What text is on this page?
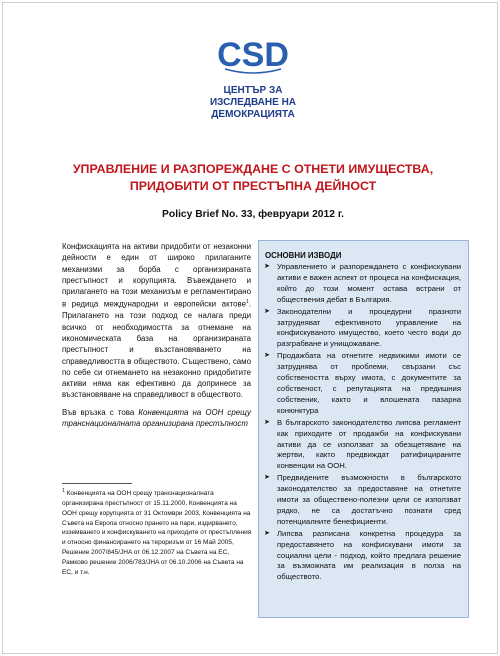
CSD
ЦЕНТЪР ЗА
ИЗСЛЕДВАНЕ НА
ДЕМОКРАЦИЯТА
УПРАВЛЕНИЕ И РАЗПОРЕЖДАНЕ С ОТНЕТИ ИМУЩЕСТВА,
ПРИДОБИТИ ОТ ПРЕСТЪПНА ДЕЙНОСТ
Policy Brief No. 33, февруари 2012 г.

Конфискацията на активи придобити от незаконни дейности е един от широко прилаганите механизми за борба с организираната престъпност и корупцията. Въвеждането и прилагането на този механизъм е регламентирано в редица международни и европейски актове$^1$. Прилагането на този подход се налага преди всичко от необходимостта за отнемане на икономическата база на организираната престъпност и възстановяването на справедливостта в обществото. Съществено, само по себе си отнемането на незаконно придобитите активи няма как ефективно да допринесе за възстановяване на справедливост в обществото.

Във връзка с това Конвенцията на ООН срещу транснационалната организирана престъпност

$^1$ Конвенцията на ООН срещу транснационалната организирана престъпност от 15.11.2000, Конвенцията на ООН срещу корупцията от 31 Октомври 2003, Конвенцията на Съвета на Европа относно прането на пари, издирването, изземването и конфискуването на приходите от престъпления и относно финансирането на тероризъм от 16 Май 2005, Решение 2007/845/JHA от 06.12.2007 на Съвета на ЕС, Рамково решение 2006/783/JHA от 06.10.2006 на Съвета на ЕС, и т.н.
ОСНОВНИ ИЗВОДИ
➤ Управлението и разпореждането с конфискувани активи е важен аспект от процеса на конфискация, който до този момент остава встрани от обществения дебат в България.
➤ Законодателни и процедурни празноти затрудняват ефективното управление на конфискуваното имущество, което често води до разграбване и унищожаване.
➤ Продажбата на отнетите недвижими имоти се затруднява от проблеми, свързани със собствеността върху имота, с документите за собственост, с репутацията на предишния собственик, както и влошената пазарна конюнктура
➤ В българското законодателство липсва регламент как приходите от продажби на конфискувани активи да се използват за обезщетяване на жертви, както предвиждат ратифицираните конвенции на ООН.
➤ Предвидените възможности в българското законодателство за предоставяне на отнетите имоти за обществено-полезни цели се използват рядко, не са достатъчно познати сред потенциалните бенефициенти.
➤ Липсва разписана конкретна процедура за предоставянето на конфискувани имоти за социални цели - подход, който предлага решение за възможната им реализация в полза на обществото.
